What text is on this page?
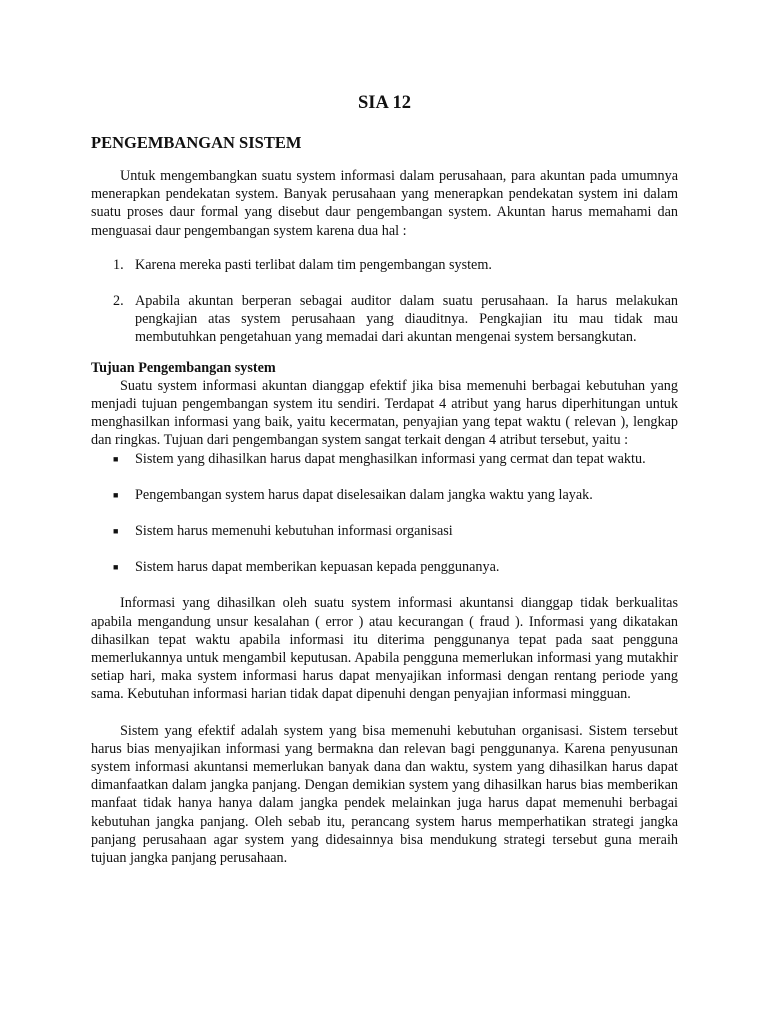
SIA 12
PENGEMBANGAN SISTEM

Untuk mengembangkan suatu system informasi dalam perusahaan, para akuntan pada umumnya menerapkan pendekatan system. Banyak perusahaan yang menerapkan pendekatan system ini dalam suatu proses daur formal yang disebut daur pengembangan system. Akuntan harus memahami dan menguasai daur pengembangan system karena dua hal :

1. Karena mereka pasti terlibat dalam tim pengembangan system.
2. Apabila akuntan berperan sebagai auditor dalam suatu perusahaan. Ia harus melakukan pengkajian atas system perusahaan yang diauditnya. Pengkajian itu mau tidak mau membutuhkan pengetahuan yang memadai dari akuntan mengenai system bersangkutan.
Tujuan Pengembangan system

Suatu system informasi akuntan dianggap efektif jika bisa memenuhi berbagai kebutuhan yang menjadi tujuan pengembangan system itu sendiri. Terdapat 4 atribut yang harus diperhitungan untuk menghasilkan informasi yang baik, yaitu kecermatan, penyajian yang tepat waktu ( relevan ), lengkap dan ringkas. Tujuan dari pengembangan system sangat terkait dengan 4 atribut tersebut, yaitu :

■	Sistem yang dihasilkan harus dapat menghasilkan informasi yang cermat dan tepat waktu.
■	Pengembangan system harus dapat diselesaikan dalam jangka waktu yang layak.
■	Sistem harus memenuhi kebutuhan informasi organisasi
■	Sistem harus dapat memberikan kepuasan kepada penggunanya.

Informasi yang dihasilkan oleh suatu system informasi akuntansi dianggap tidak berkualitas apabila mengandung unsur kesalahan ( error ) atau kecurangan ( fraud ). Informasi yang dikatakan dihasilkan tepat waktu apabila informasi itu diterima penggunanya tepat pada saat pengguna memerlukannya untuk mengambil keputusan. Apabila pengguna memerlukan informasi yang mutakhir setiap hari, maka system informasi harus dapat menyajikan informasi dengan rentang periode yang sama. Kebutuhan informasi harian tidak dapat dipenuhi dengan penyajian informasi mingguan.

Sistem yang efektif adalah system yang bisa memenuhi kebutuhan organisasi. Sistem tersebut harus bias menyajikan informasi yang bermakna dan relevan bagi penggunanya. Karena penyusunan system informasi akuntansi memerlukan banyak dana dan waktu, system yang dihasilkan harus dapat dimanfaatkan dalam jangka panjang. Dengan demikian system yang dihasilkan harus bias memberikan manfaat tidak hanya hanya dalam jangka pendek melainkan juga harus dapat memenuhi berbagai kebutuhan jangka panjang. Oleh sebab itu, perancang system harus memperhatikan strategi jangka panjang perusahaan agar system yang didesainnya bisa mendukung strategi tersebut guna meraih tujuan jangka panjang perusahaan.
